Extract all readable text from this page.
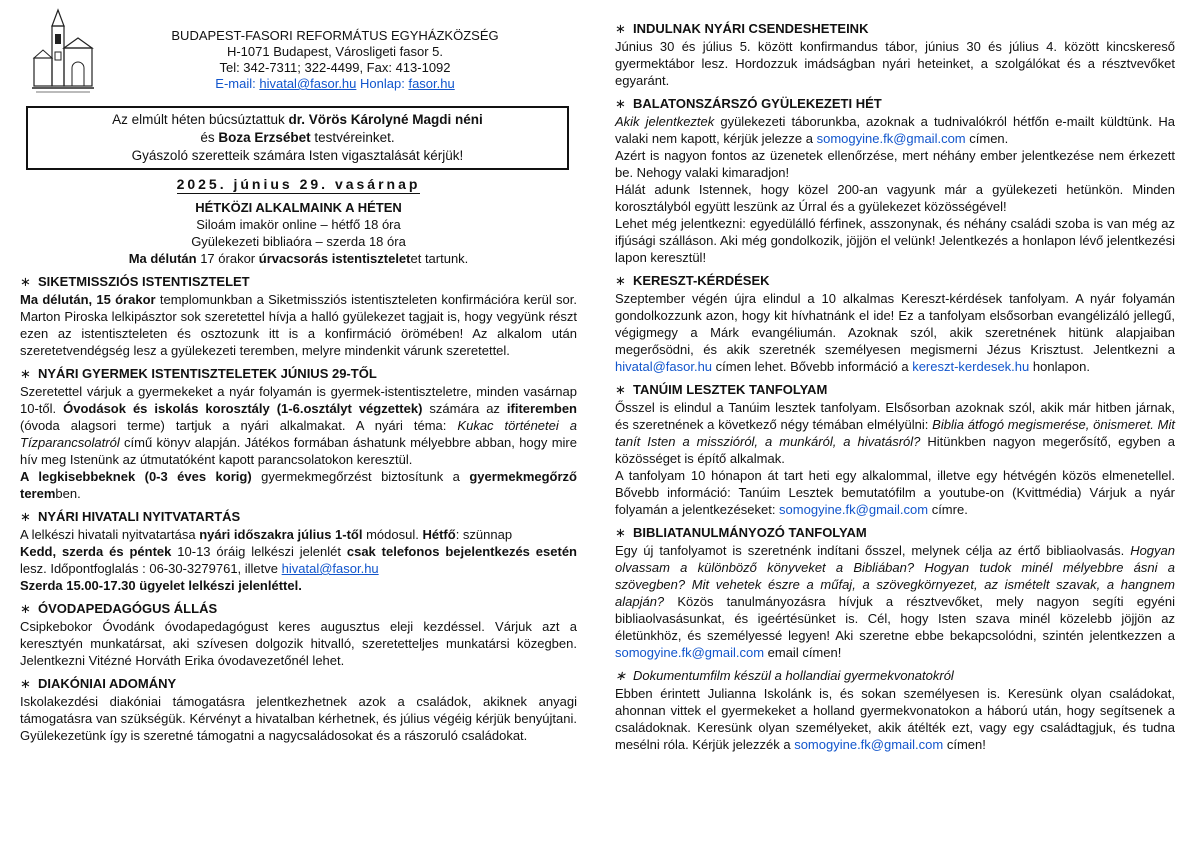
BUDAPEST-FASORI REFORMÁTUS EGYHÁZKÖZSÉG
H-1071 Budapest, Városligeti fasor 5.
Tel: 342-7311; 322-4499, Fax: 413-1092
E-mail: hivatal@fasor.hu Honlap: fasor.hu
Az elmúlt héten búcsúztattuk dr. Vörös Károlyné Magdi néni
és Boza Erzsébet testvéreinket.
Gyászoló szeretteik számára Isten vigasztalását kérjük!
2025. június 29. vasárnap
HÉTKÖZI ALKALMAINK A HÉTEN
Siloám imakör online – hétfő 18 óra
Gyülekezeti bibliaóra – szerda 18 óra
Ma délután 17 órakor úrvacsorás istentiszteletet tartunk.
∗ SIKETMISSZIÓS ISTENTISZTELET

Ma délután, 15 órakor templomunkban a Siketmissziós istentiszteleten konfirmációra kerül sor. Marton Piroska lelkipásztor sok szeretettel hívja a halló gyülekezet tagjait is, hogy vegyünk részt ezen az istentiszteleten és osztozunk itt is a konfirmáció örömében! Az alkalom után szeretetvendégség lesz a gyülekezeti teremben, melyre mindenkit várunk szeretettel.

∗ NYÁRI GYERMEK ISTENTISZTELETEK JÚNIUS 29-TŐL

Szeretettel várjuk a gyermekeket a nyár folyamán is gyermek-istentiszteletre, minden vasárnap 10-től. Óvodások és iskolás korosztály (1-6.osztályt végzettek) számára az ifiteremben (óvoda alagsori terme) tartjuk a nyári alkalmakat. A nyári téma: Kukac történetei a Tízparancsolatról című könyv alapján. Játékos formában áshatunk mélyebbre abban, hogy mire hív meg Istenünk az útmutatóként kapott parancsolatokon keresztül.

A legkisebbeknek (0-3 éves korig) gyermekmegőrzést biztosítunk a gyermekmegőrző teremben.

∗ NYÁRI HIVATALI NYITVATARTÁS

A lelkészi hivatali nyitvatartása nyári időszakra július 1-től módosul. Hétfő: szünnap

Kedd, szerda és péntek 10-13 óráig lelkészi jelenlét csak telefonos bejelentkezés esetén lesz. Időpontfoglalás : 06-30-3279761, illetve hivatal@fasor.hu

Szerda 15.00-17.30 ügyelet lelkészi jelenléttel.

∗ ÓVODAPEDAGÓGUS ÁLLÁS

Csipkebokor Óvodánk óvodapedagógust keres augusztus eleji kezdéssel. Várjuk azt a keresztyén munkatársat, aki szívesen dolgozik hitvalló, szeretetteljes munkatársi közegben. Jelentkezni Vitézné Horváth Erika óvodavezetőnél lehet.

∗ DIAKÓNIAI ADOMÁNY

Iskolakezdési diakóniai támogatásra jelentkezhetnek azok a családok, akiknek anyagi támogatásra van szükségük. Kérvényt a hivatalban kérhetnek, és július végéig kérjük benyújtani. Gyülekezetünk így is szeretné támogatni a nagycsaládosokat és a rászoruló családokat.

∗ INDULNAK NYÁRI CSENDESHETEINK

Június 30 és július 5. között konfirmandus tábor, június 30 és július 4. között kincskereső gyermektábor lesz. Hordozzuk imádságban nyári heteinket, a szolgálókat és a résztvevőket egyaránt.

∗ BALATONSZÁRSZÓ GYÜLEKEZETI HÉT

Akik jelentkeztek gyülekezeti táborunkba, azoknak a tudnivalókról hétfőn e-mailt küldtünk. Ha valaki nem kapott, kérjük jelezze a somogyine.fk@gmail.com címen.

Azért is nagyon fontos az üzenetek ellenőrzése, mert néhány ember jelentkezése nem érkezett be. Nehogy valaki kimaradjon!

Hálát adunk Istennek, hogy közel 200-an vagyunk már a gyülekezeti hetünkön. Minden korosztályból együtt leszünk az Úrral és a gyülekezet közösségével!

Lehet még jelentkezni: egyedülálló férfinek, asszonynak, és néhány családi szoba is van még az ifjúsági szálláson. Aki még gondolkozik, jöjjön el velünk! Jelentkezés a honlapon lévő jelentkezési lapon keresztül!

∗ KERESZT-KÉRDÉSEK

Szeptember végén újra elindul a 10 alkalmas Kereszt-kérdések tanfolyam. A nyár folyamán gondolkozzunk azon, hogy kit hívhatnánk el ide! Ez a tanfolyam elsősorban evangélizáló jellegű, végigmegy a Márk evangéliumán. Azoknak szól, akik szeretnének hitünk alapjaiban megerősödni, és akik szeretnék személyesen megismerni Jézus Krisztust. Jelentkezni a hivatal@fasor.hu címen lehet. Bővebb információ a kereszt-kerdesek.hu honlapon.

∗ TANÚIM LESZTEK TANFOLYAM

Ősszel is elindul a Tanúim lesztek tanfolyam. Elsősorban azoknak szól, akik már hitben járnak, és szeretnének a következő négy témában elmélyülni: Biblia átfogó megismerése, önismeret. Mit tanít Isten a misszióról, a munkáról, a hivatásról? Hitünkben nagyon megerősítő, egyben a közösséget is építő alkalmak.

A tanfolyam 10 hónapon át tart heti egy alkalommal, illetve egy hétvégén közös elmenetellel. Bővebb információ: Tanúim Lesztek bemutatófilm a youtube-on (Kvittmédia) Várjuk a nyár folyamán a jelentkezéseket: somogyine.fk@gmail.com címre.

∗ BIBLIATANULMÁNYOZÓ TANFOLYAM

Egy új tanfolyamot is szeretnénk indítani ősszel, melynek célja az értő bibliaolvasás. Hogyan olvassam a különböző könyveket a Bibliában? Hogyan tudok minél mélyebbre ásni a szövegben? Mit vehetek észre a műfaj, a szövegkörnyezet, az ismételt szavak, a hangnem alapján? Közös tanulmányozásra hívjuk a résztvevőket, mely nagyon segíti egyéni bibliaolvasásunkat, és igeértésünket is. Cél, hogy Isten szava minél közelebb jöjjön az életünkhöz, és személyessé legyen! Aki szeretne ebbe bekapcsolódni, szintén jelentkezzen a somogyine.fk@gmail.com email címen!

∗ Dokumentumfilm készül a hollandiai gyermekvonatokról

Ebben érintett Julianna Iskolánk is, és sokan személyesen is. Keresünk olyan családokat, ahonnan vittek el gyermekeket a holland gyermekvonatokon a háború után, hogy segítsenek a családoknak. Keresünk olyan személyeket, akik átélték ezt, vagy egy családtagjuk, és tudna mesélni róla. Kérjük jelezzék a somogyine.fk@gmail.com címen!
